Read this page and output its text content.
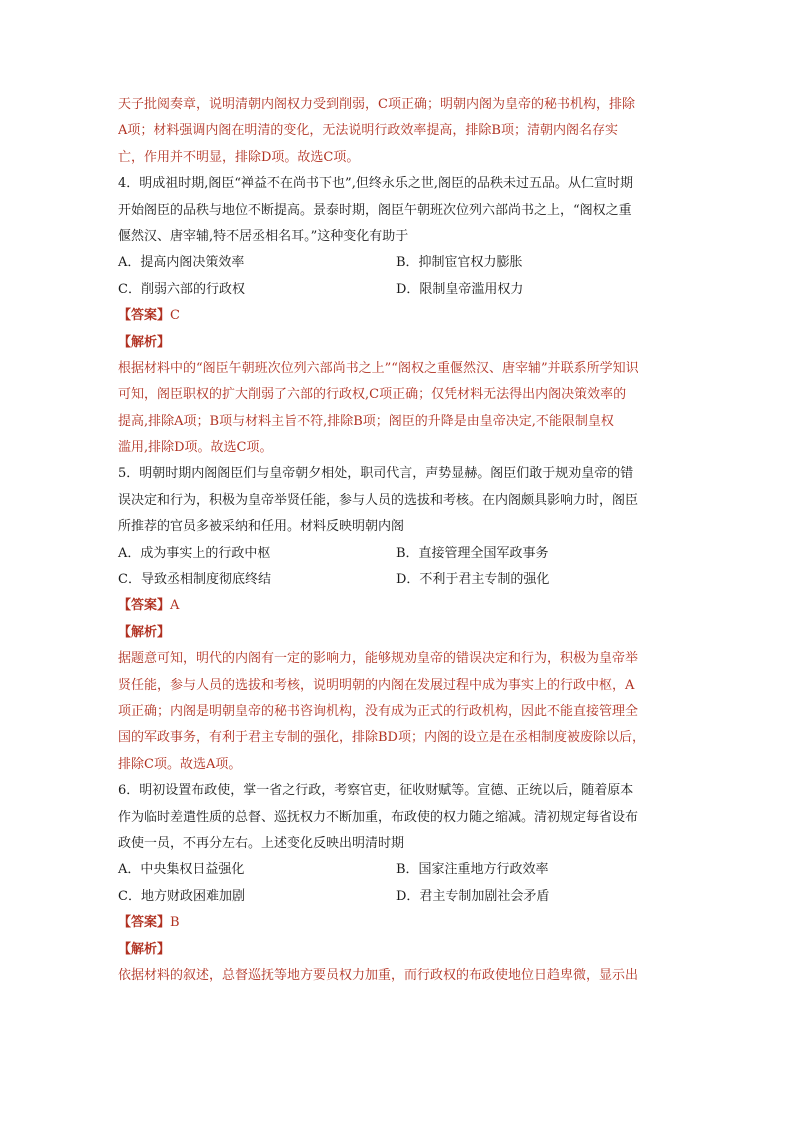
天子批阅奏章，说明清朝内阁权力受到削弱，C项正确；明朝内阁为皇帝的秘书机构，排除
A项；材料强调内阁在明清的变化，无法说明行政效率提高，排除B项；清朝内阁名存实
亡，作用并不明显，排除D项。故选C项。
4．明成祖时期,阁臣“禅益不在尚书下也”,但终永乐之世,阁臣的品秩未过五品。从仁宣时期
开始阁臣的品秩与地位不断提高。景泰时期，阁臣午朝班次位列六部尚书之上，“阁权之重
偃然汉、唐宰辅,特不居丞相名耳。”这种变化有助于
A．提高内阁决策效率	B．抑制宦官权力膨胀
C．削弱六部的行政权	D．限制皇帝滥用权力
【答案】C
【解析】
根据材料中的“阁臣午朝班次位列六部尚书之上”“阁权之重偃然汉、唐宰辅”并联系所学知识
可知，阁臣职权的扩大削弱了六部的行政权,C项正确；仅凭材料无法得出内阁决策效率的
提高,排除A项；B项与材料主旨不符,排除B项；阁臣的升降是由皇帝决定,不能限制皇权
滥用,排除D项。故选C项。
5．明朝时期内阁阁臣们与皇帝朝夕相处，职司代言，声势显赫。阁臣们敢于规劝皇帝的错
误决定和行为，积极为皇帝举贤任能，参与人员的选拔和考核。在内阁颇具影响力时，阁臣
所推荐的官员多被采纳和任用。材料反映明朝内阁
A．成为事实上的行政中枢	B．直接管理全国军政事务
C．导致丞相制度彻底终结	D．不利于君主专制的强化
【答案】A
【解析】
据题意可知，明代的内阁有一定的影响力，能够规劝皇帝的错误决定和行为，积极为皇帝举
贤任能，参与人员的选拔和考核，说明明朝的内阁在发展过程中成为事实上的行政中枢，A
项正确；内阁是明朝皇帝的秘书咨询机构，没有成为正式的行政机构，因此不能直接管理全
国的军政事务，有利于君主专制的强化，排除BD项；内阁的设立是在丞相制度被废除以后，
排除C项。故选A项。
6．明初设置布政使，掌一省之行政，考察官吏，征收财赋等。宣德、正统以后，随着原本
作为临时差遣性质的总督、巡抚权力不断加重，布政使的权力随之缩减。清初规定每省设布
政使一员，不再分左右。上述变化反映出明清时期
A．中央集权日益强化	B．国家注重地方行政效率
C．地方财政困难加剧	D．君主专制加剧社会矛盾
【答案】B
【解析】
依据材料的叙述，总督巡抚等地方要员权力加重，而行政权的布政使地位日趋卑微，显示出
